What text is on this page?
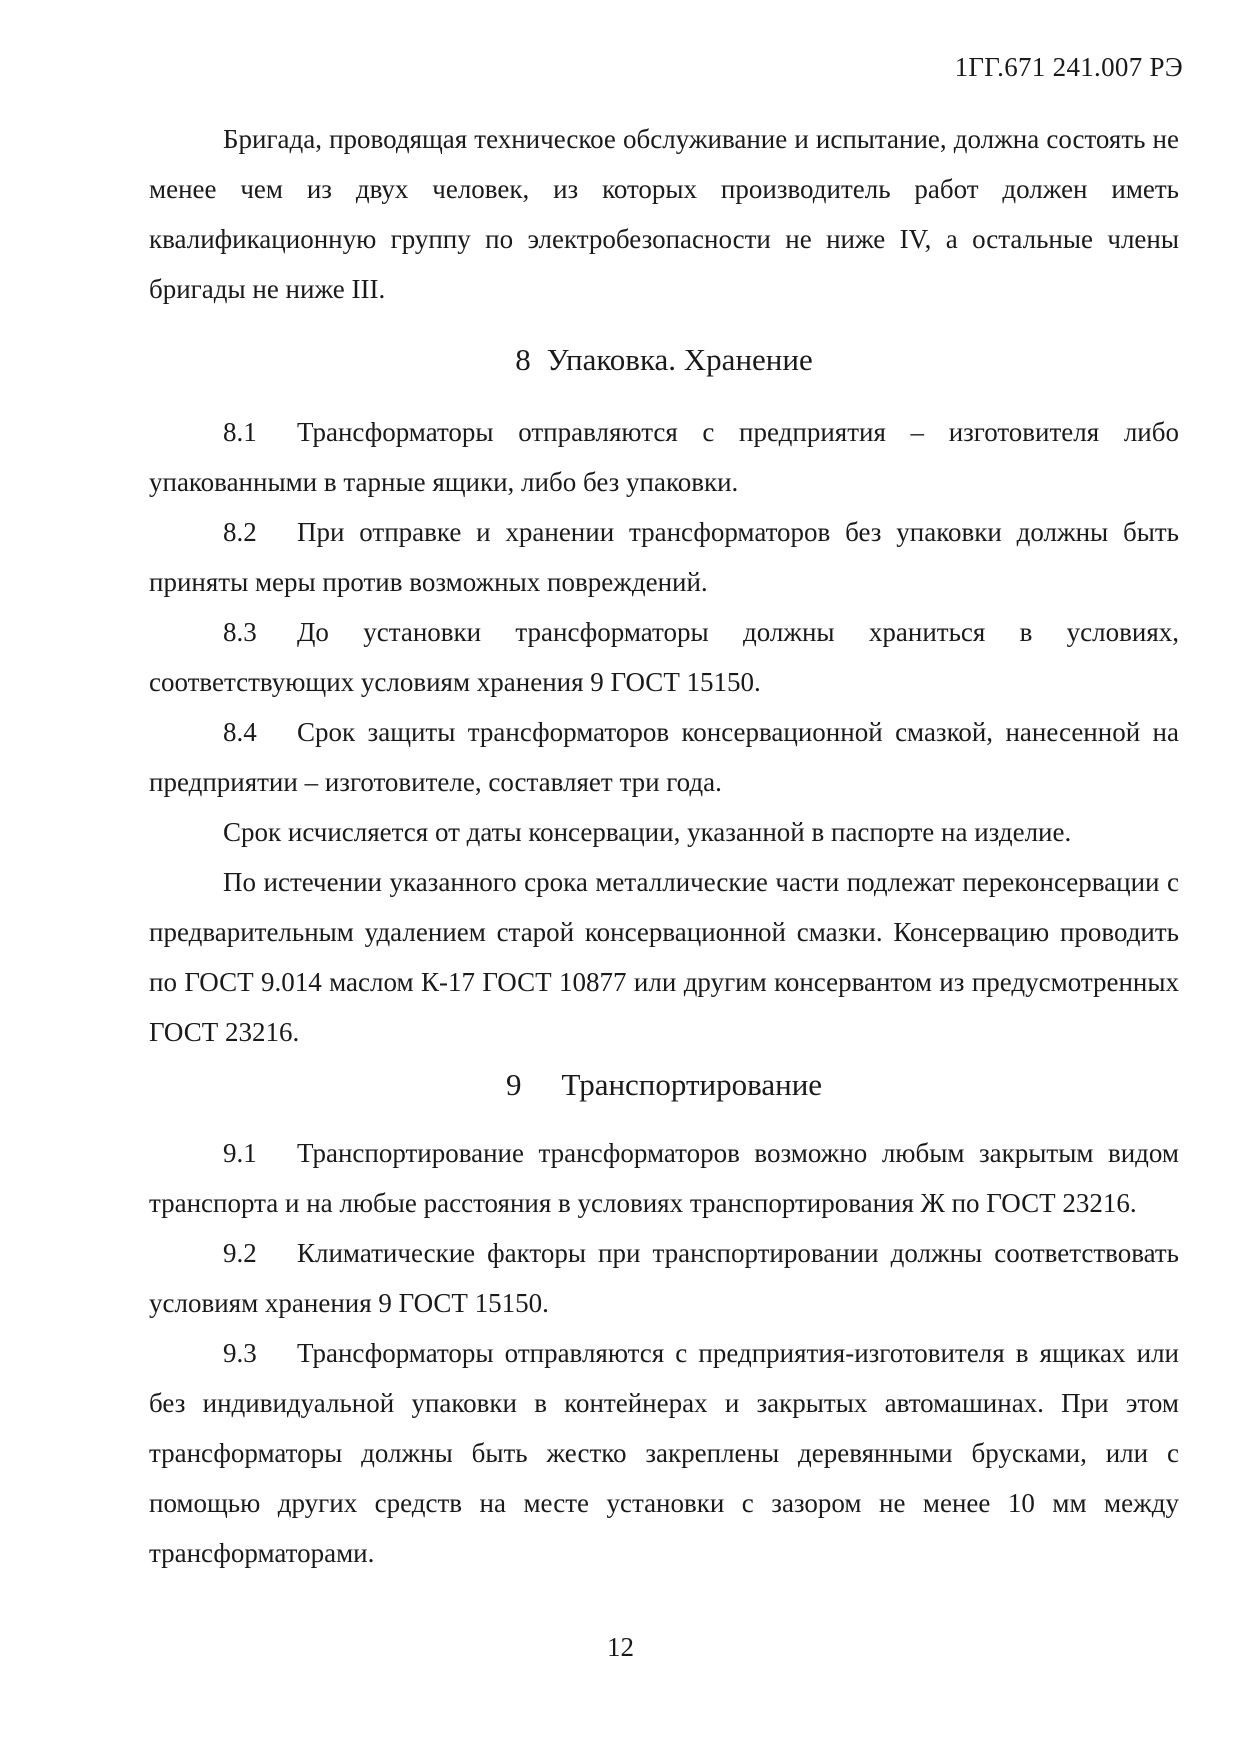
1ГГ.671 241.007 РЭ

Бригада, проводящая техническое обслуживание и испытание, должна состоять не менее чем из двух человек, из которых производитель работ должен иметь квалификационную группу по электробезопасности не ниже IV, а остальные члены бригады не ниже III.

8 Упаковка. Хранение

8.1 Трансформаторы отправляются с предприятия – изготовителя либо упакованными в тарные ящики, либо без упаковки.

8.2 При отправке и хранении трансформаторов без упаковки должны быть приняты меры против возможных повреждений.

8.3 До установки трансформаторы должны храниться в условиях, соответствующих условиям хранения 9 ГОСТ 15150.

8.4 Срок защиты трансформаторов консервационной смазкой, нанесенной на предприятии – изготовителе, составляет три года.

Срок исчисляется от даты консервации, указанной в паспорте на изделие.

По истечении указанного срока металлические части подлежат переконсервации с предварительным удалением старой консервационной смазки. Консервацию проводить по ГОСТ 9.014 маслом К-17 ГОСТ 10877 или другим консервантом из предусмотренных ГОСТ 23216.

9 Транспортирование

9.1 Транспортирование трансформаторов возможно любым закрытым видом транспорта и на любые расстояния в условиях транспортирования Ж по ГОСТ 23216.

9.2 Климатические факторы при транспортировании должны соответствовать условиям хранения 9 ГОСТ 15150.

9.3 Трансформаторы отправляются с предприятия-изготовителя в ящиках или без индивидуальной упаковки в контейнерах и закрытых автомашинах. При этом трансформаторы должны быть жестко закреплены деревянными брусками, или с помощью других средств на месте установки с зазором не менее 10 мм между трансформаторами.

12
